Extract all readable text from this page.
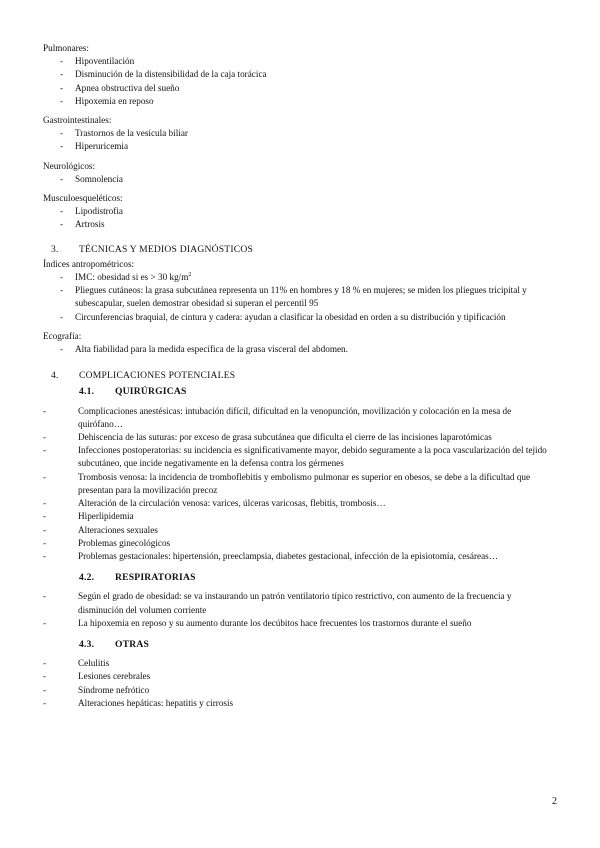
Pulmonares:

- Hipoventilación
- Disminución de la distensibilidad de la caja torácica
- Apnea obstructiva del sueño
- Hipoxemia en reposo

Gastrointestinales:

- Trastornos de la vesícula biliar
- Hiperuricemia

Neurológicos:

- Somnolencia

Musculoesqueléticos:

- Lipodistrofia
- Artrosis
3. TÉCNICAS Y MEDIOS DIAGNÓSTICOS

Índices antropométricos:

- IMC: obesidad si es > 30 $kg/m^2$
- Pliegues cutáneos: la grasa subcutánea representa un 11% en hombres y 18 % en mujeres; se miden los pliegues tricipital y subescapular, suelen demostrar obesidad si superan el percentil 95
- Circunferencias braquial, de cintura y cadera: ayudan a clasificar la obesidad en orden a su distribución y tipificación

Ecografía:

- Alta fiabilidad para la medida específica de la grasa visceral del abdomen.
4. COMPLICACIONES POTENCIALES
4.1. QUIRÚRGICAS
-	Complicaciones anestésicas: intubación difícil, dificultad en la venopunción, movilización y colocación en la mesa de quirófano…
-	Dehiscencia de las suturas: por exceso de grasa subcutánea que dificulta el cierre de las incisiones laparotómicas
-	Infecciones postoperatorias: su incidencia es significativamente mayor, debido seguramente a la poca vascularización del tejido subcutáneo, que incide negativamente en la defensa contra los gérmenes
-	Trombosis venosa: la incidencia de tromboflebitis y embolismo pulmonar es superior en obesos, se debe a la dificultad que presentan para la movilización precoz
-	Alteración de la circulación venosa: varices, úlceras varicosas, flebitis, trombosis…
-	Hiperlipidemia
-	Alteraciones sexuales
-	Problemas ginecológicos
-	Problemas gestacionales: hipertensión, preeclampsia, diabetes gestacional, infección de la episiotomía, cesáreas…
4.2. RESPIRATORIAS
-	Según el grado de obesidad: se va instaurando un patrón ventilatorio típico restrictivo, con aumento de la frecuencia y disminución del volumen corriente
-	La hipoxemia en reposo y su aumento durante los decúbitos hace frecuentes los trastornos durante el sueño
4.3. OTRAS
-	Celulitis
-	Lesiones cerebrales
-	Síndrome nefrótico
-	Alteraciones hepáticas: hepatitis y cirrosis
2
